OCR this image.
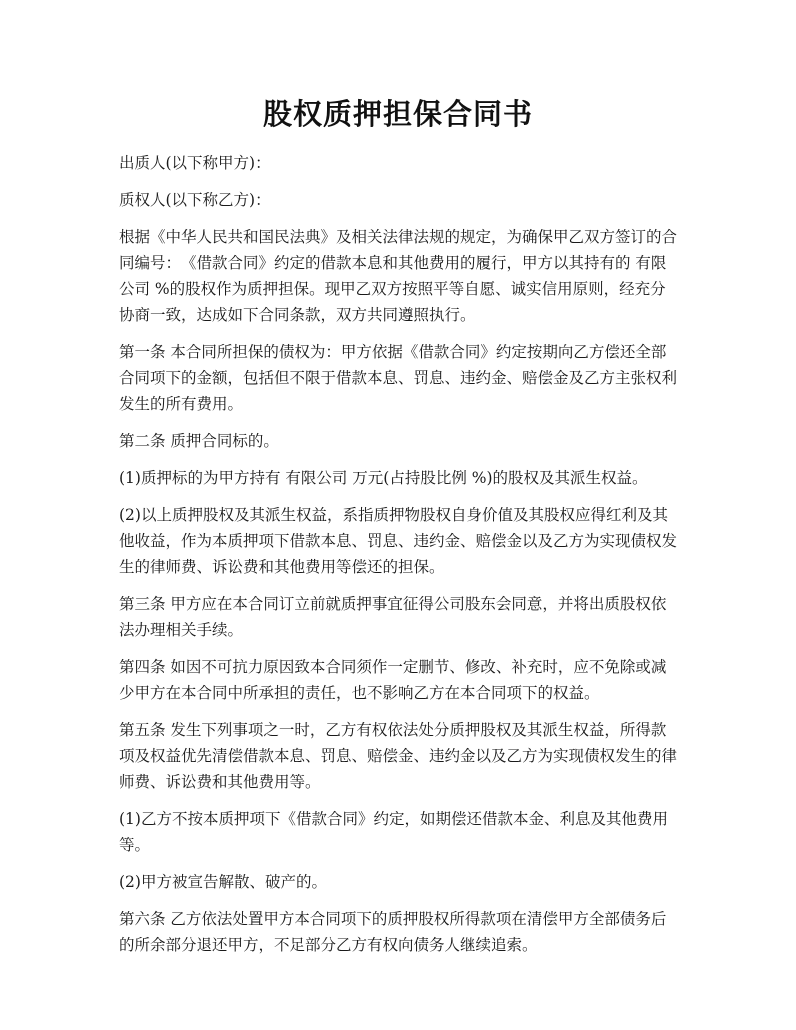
股权质押担保合同书

出质人(以下称甲方)：

质权人(以下称乙方)：

根据《中华人民共和国民法典》及相关法律法规的规定，为确保甲乙双方签订的合同编号：　《借款合同》约定的借款本息和其他费用的履行，甲方以其持有的 有限公司 %的股权作为质押担保。现甲乙双方按照平等自愿、诚实信用原则，经充分协商一致，达成如下合同条款，双方共同遵照执行。

第一条 本合同所担保的债权为：甲方依据《借款合同》约定按期向乙方偿还全部合同项下的金额，包括但不限于借款本息、罚息、违约金、赔偿金及乙方主张权利发生的所有费用。

第二条 质押合同标的。

(1)质押标的为甲方持有 有限公司 万元(占持股比例 %)的股权及其派生权益。

(2)以上质押股权及其派生权益，系指质押物股权自身价值及其股权应得红利及其他收益，作为本质押项下借款本息、罚息、违约金、赔偿金以及乙方为实现债权发生的律师费、诉讼费和其他费用等偿还的担保。

第三条 甲方应在本合同订立前就质押事宜征得公司股东会同意，并将出质股权依法办理相关手续。

第四条 如因不可抗力原因致本合同须作一定删节、修改、补充时，应不免除或减少甲方在本合同中所承担的责任，也不影响乙方在本合同项下的权益。

第五条 发生下列事项之一时，乙方有权依法处分质押股权及其派生权益，所得款项及权益优先清偿借款本息、罚息、赔偿金、违约金以及乙方为实现债权发生的律师费、诉讼费和其他费用等。

(1)乙方不按本质押项下《借款合同》约定，如期偿还借款本金、利息及其他费用等。

(2)甲方被宣告解散、破产的。

第六条 乙方依法处置甲方本合同项下的质押股权所得款项在清偿甲方全部债务后的所余部分退还甲方，不足部分乙方有权向债务人继续追索。
